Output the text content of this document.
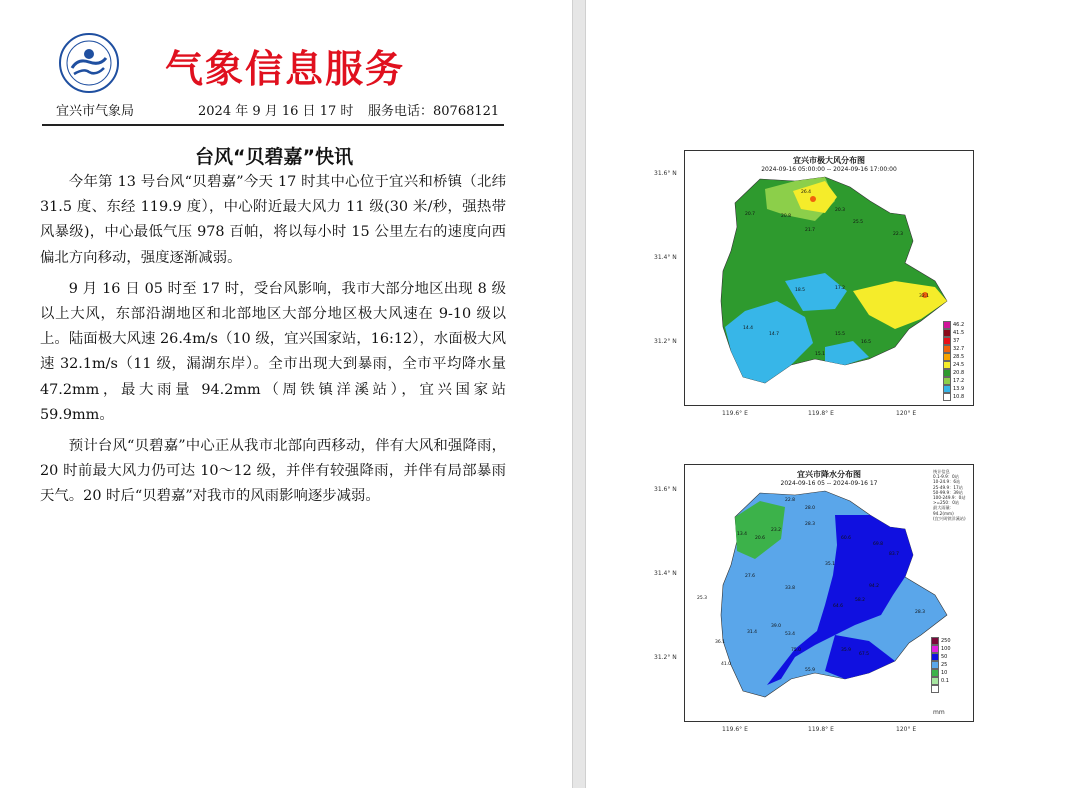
气象信息服务
宜兴市气象局	2024 年 9 月 16 日 17 时 服务电话：80768121
台风“贝碧嘉”快讯

今年第 13 号台风“贝碧嘉”今天 17 时其中心位于宜兴和桥镇（北纬 31.5 度、东经 119.9 度），中心附近最大风力 11 级(30 米/秒，强热带风暴级)，中心最低气压 978 百帕，将以每小时 15 公里左右的速度向西偏北方向移动，强度逐渐减弱。

9 月 16 日 05 时至 17 时，受台风影响，我市大部分地区出现 8 级以上大风，东部沿湖地区和北部地区大部分地区极大风速在 9-10 级以上。陆面极大风速 26.4m/s（10 级，宜兴国家站，16:12），水面极大风速 32.1m/s（11 级，漏湖东岸）。全市出现大到暴雨，全市平均降水量 47.2mm，最大雨量 94.2mm（周铁镇洋溪站），宜兴国家站 59.9mm。

预计台风“贝碧嘉”中心正从我市北部向西移动，伴有大风和强降雨，20 时前最大风力仍可达 10～12 级，并伴有较强降雨，并伴有局部暴雨天气。20 时后“贝碧嘉”对我市的风雨影响逐步减弱。

宜兴市极大风分布图
2024-09-16 05:00:00 -- 2024-09-16 17:00:00
26.4
20.3
25.5
20.8
20.7
21.7
22.3
32.1
14.4
18.5	17.2
14.7	15.5
15.1
16.5
46.2
41.5
37
32.7
28.5
24.5
20.8
17.2
13.9
10.8
31.6° N
31.4° N
31.2° N
119.6° E	119.8° E	120° E
宜兴市降水分布图
2024-09-16 05 -- 2024-09-16 17
统计信息
0.1-9.9：0站
10-24.9：6站
25-49.9：17站
50-99.9：39站
100-249.9：0站
>=250：0站
最大雨量：94.2(mm)
(宜兴周铁洋溪站)
22.8
28.3
13.4
20.6
23.2
28.0
35.1
27.6
33.8
25.3
60.6
69.8
83.7
94.2
64.6
58.2
39.0
31.4
36.1
41.0
53.4
75.0	35.9
67.5
55.9
28.3
250
100
50
25
10
0.1
mm
31.6° N
31.4° N
31.2° N
119.6° E	119.8° E	120° E
